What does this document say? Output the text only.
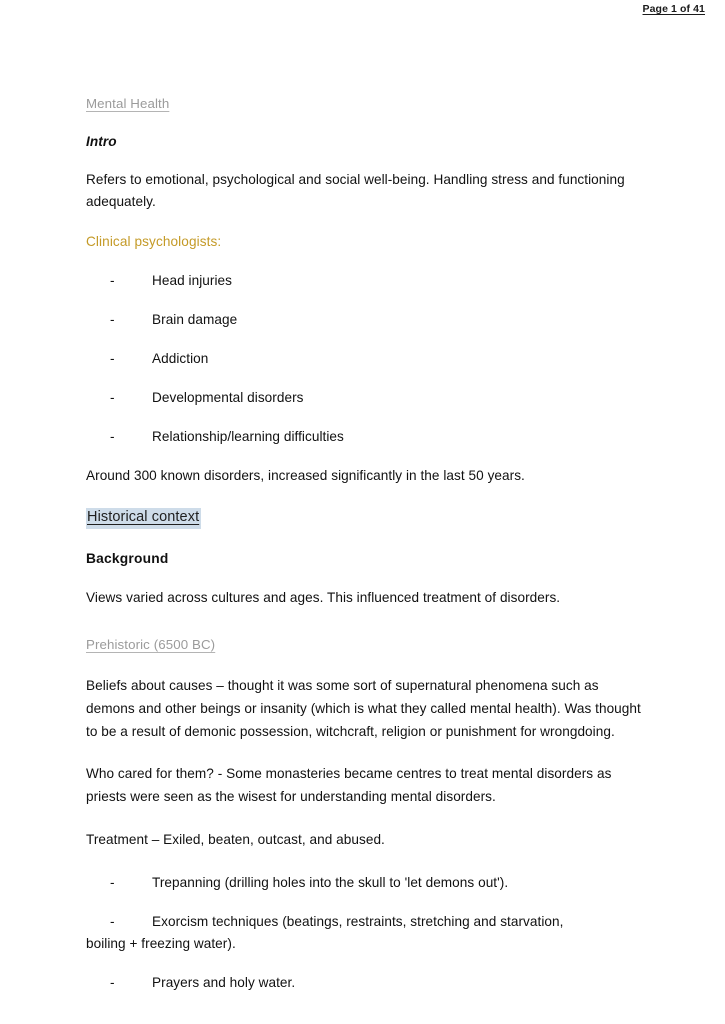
Page 1 of 41
Mental Health
Intro

Refers to emotional, psychological and social well-being. Handling stress and functioning adequately.

Clinical psychologists:
- Head injuries
- Brain damage
- Addiction
- Developmental disorders
- Relationship/learning difficulties

Around 300 known disorders, increased significantly in the last 50 years.

Historical context
Background

Views varied across cultures and ages. This influenced treatment of disorders.

Prehistoric (6500 BC)

Beliefs about causes – thought it was some sort of supernatural phenomena such as demons and other beings or insanity (which is what they called mental health). Was thought to be a result of demonic possession, witchcraft, religion or punishment for wrongdoing.

Who cared for them? - Some monasteries became centres to treat mental disorders as priests were seen as the wisest for understanding mental disorders.

Treatment – Exiled, beaten, outcast, and abused.

- Trepanning (drilling holes into the skull to 'let demons out').
- Exorcism techniques (beatings, restraints, stretching and starvation,
boiling + freezing water).
- Prayers and holy water.
